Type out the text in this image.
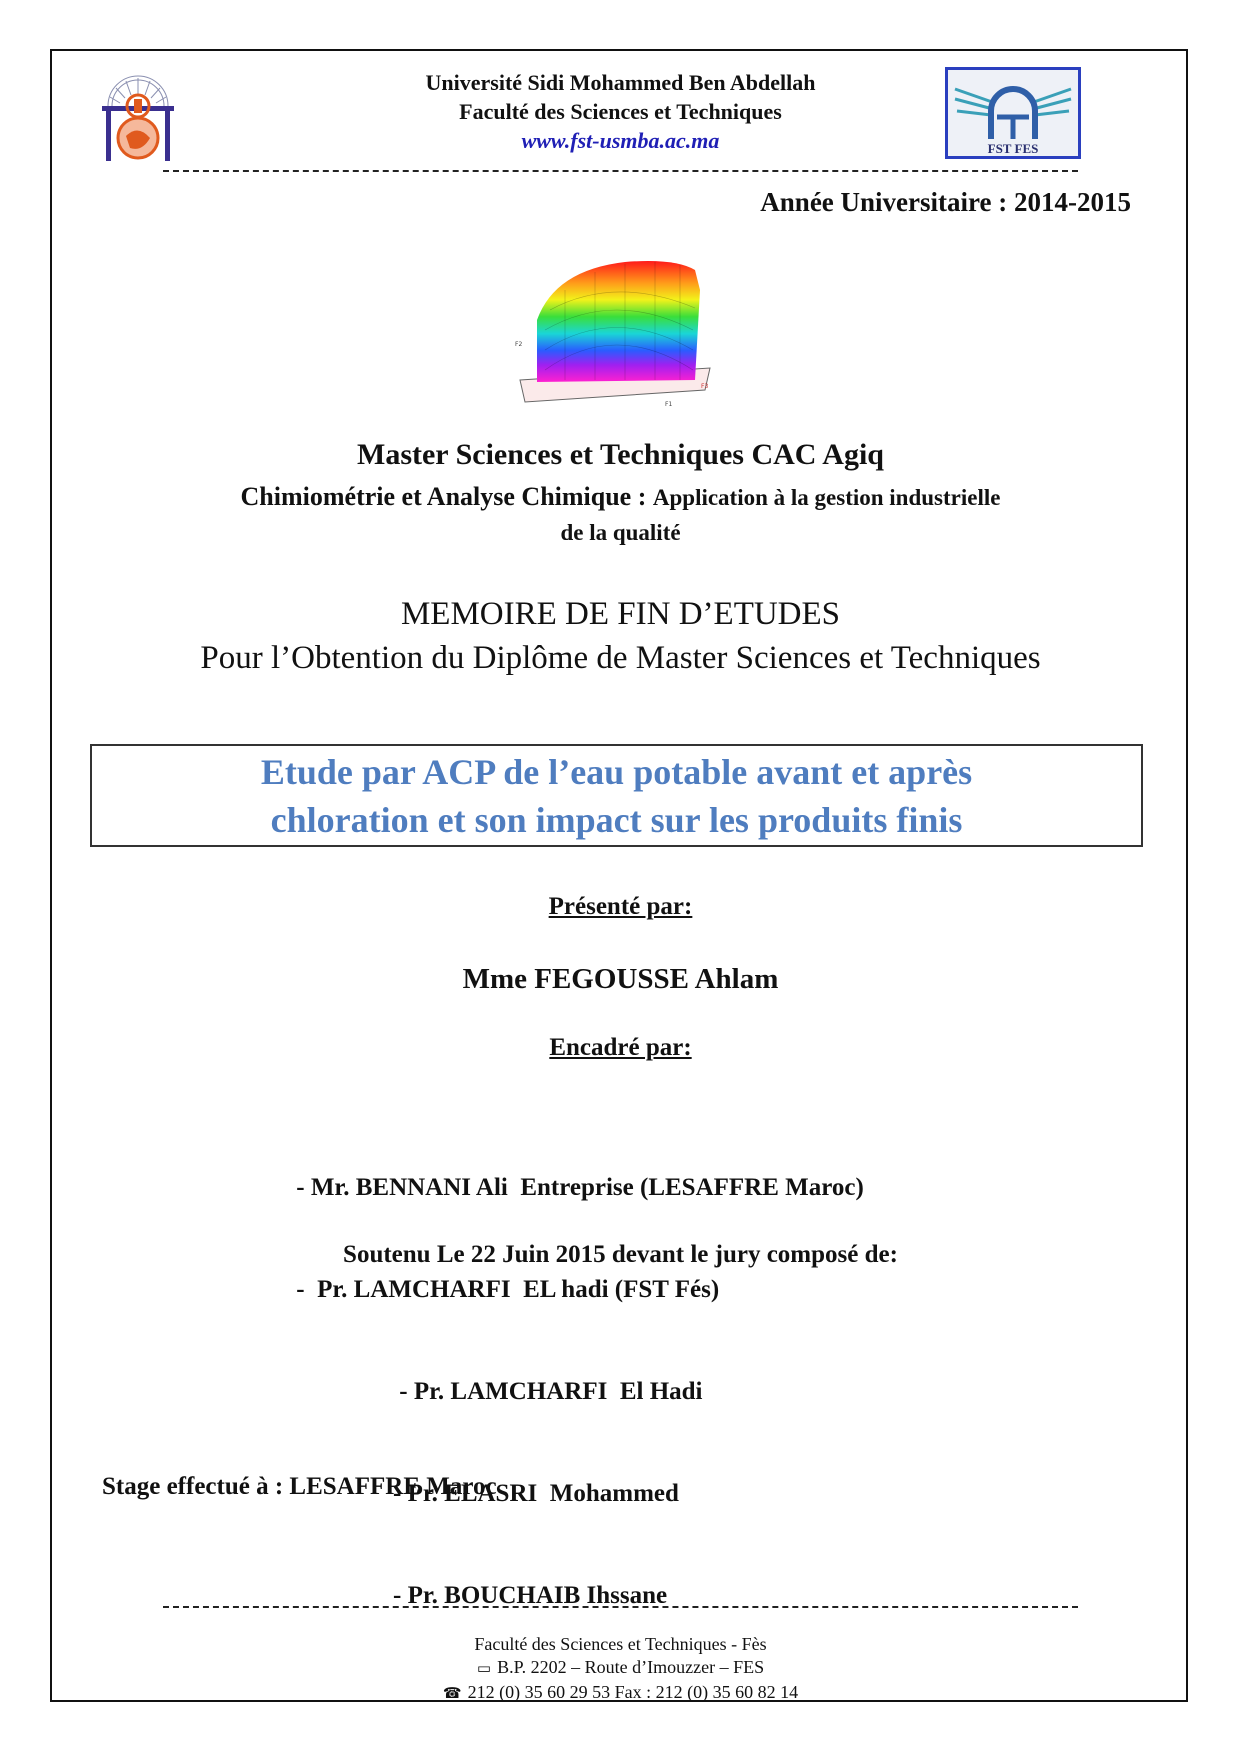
Université Sidi Mohammed Ben Abdellah
Faculté des Sciences et Techniques
www.fst-usmba.ac.ma	FST FES
Année Universitaire : 2014-2015
F2
F3
F1
Master Sciences et Techniques CAC Agiq
Chimiométrie et Analyse Chimique : Application à la gestion industrielle
de la qualité
MEMOIRE DE FIN D’ETUDES
Pour l’Obtention du Diplôme de Master Sciences et Techniques
Etude par ACP de l’eau potable avant et après
chloration et son impact sur les produits finis
Présenté par:
Mme FEGOUSSE Ahlam
Encadré par:

- Mr. BENNANI Ali  Entreprise (LESAFFRE Maroc)

-  Pr. LAMCHARFI  EL hadi (FST Fés)

Soutenu Le 22 Juin 2015 devant le jury composé de:

- Pr. LAMCHARFI  El Hadi

- Pr. ELASRI  Mohammed

- Pr. BOUCHAIB Ihssane

Stage effectué à : LESAFFRE Maroc
Faculté des Sciences et Techniques - Fès
▭ B.P. 2202 – Route d’Imouzzer – FES
☎ 212 (0) 35 60 29 53 Fax : 212 (0) 35 60 82 14
